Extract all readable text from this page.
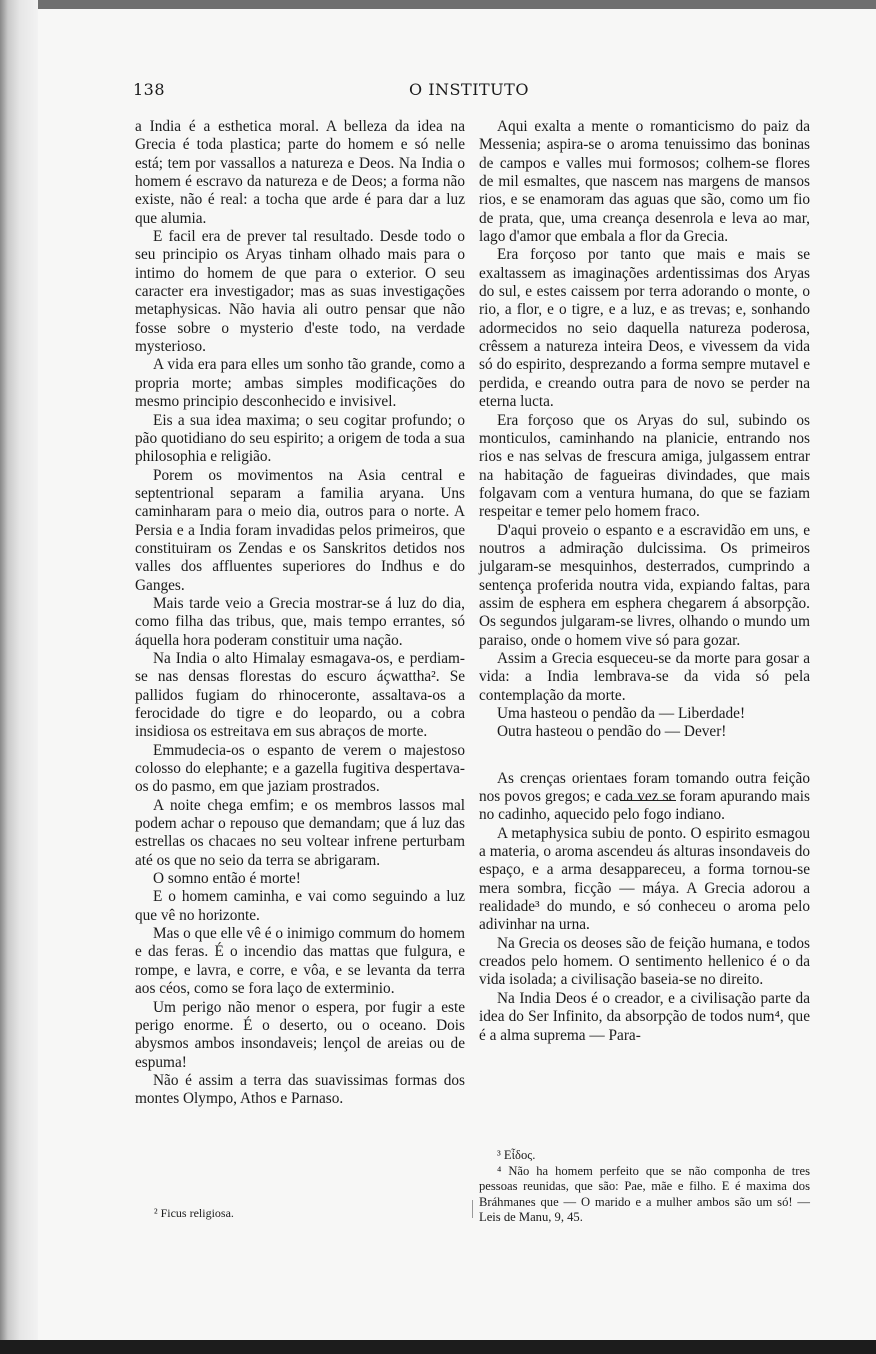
138	O INSTITUTO

a India é a esthetica moral. A belleza da idea na Grecia é toda plastica; parte do homem e só nelle está; tem por vassallos a natureza e Deos. Na India o homem é escravo da natureza e de Deos; a forma não existe, não é real: a tocha que arde é para dar a luz que alumia.

E facil era de prever tal resultado. Desde todo o seu principio os Aryas tinham olhado mais para o intimo do homem de que para o exterior. O seu caracter era investigador; mas as suas investigações metaphysicas. Não havia ali outro pensar que não fosse sobre o mysterio d'este todo, na verdade mysterioso.

A vida era para elles um sonho tão grande, como a propria morte; ambas simples modificações do mesmo principio desconhecido e invisivel.

Eis a sua idea maxima; o seu cogitar profundo; o pão quotidiano do seu espirito; a origem de toda a sua philosophia e religião.

Porem os movimentos na Asia central e septentrional separam a familia aryana. Uns caminharam para o meio dia, outros para o norte. A Persia e a India foram invadidas pelos primeiros, que constituiram os Zendas e os Sanskritos detidos nos valles dos affluentes superiores do Indhus e do Ganges.

Mais tarde veio a Grecia mostrar-se á luz do dia, como filha das tribus, que, mais tempo errantes, só áquella hora poderam constituir uma nação.

Na India o alto Himalay esmagava-os, e perdiam-se nas densas florestas do escuro áçwattha². Se pallidos fugiam do rhinoceronte, assaltava-os a ferocidade do tigre e do leopardo, ou a cobra insidiosa os estreitava em sus abraços de morte.

Emmudecia-os o espanto de verem o majestoso colosso do elephante; e a gazella fugitiva despertava-os do pasmo, em que jaziam prostrados.

A noite chega emfim; e os membros lassos mal podem achar o repouso que demandam; que á luz das estrellas os chacaes no seu voltear infrene perturbam até os que no seio da terra se abrigaram.

O somno então é morte!

E o homem caminha, e vai como seguindo a luz que vê no horizonte.

Mas o que elle vê é o inimigo commum do homem e das feras. É o incendio das mattas que fulgura, e rompe, e lavra, e corre, e vôa, e se levanta da terra aos céos, como se fora laço de exterminio.

Um perigo não menor o espera, por fugir a este perigo enorme. É o deserto, ou o oceano. Dois abysmos ambos insondaveis; lençol de areias ou de espuma!

Não é assim a terra das suavissimas formas dos montes Olympo, Athos e Parnaso.

Aqui exalta a mente o romanticismo do paiz da Messenia; aspira-se o aroma tenuissimo das boninas de campos e valles mui formosos; colhem-se flores de mil esmaltes, que nascem nas margens de mansos rios, e se enamoram das aguas que são, como um fio de prata, que, uma creança desenrola e leva ao mar, lago d'amor que embala a flor da Grecia.

Era forçoso por tanto que mais e mais se exaltassem as imaginações ardentissimas dos Aryas do sul, e estes caissem por terra adorando o monte, o rio, a flor, e o tigre, e a luz, e as trevas; e, sonhando adormecidos no seio daquella natureza poderosa, crêssem a natureza inteira Deos, e vivessem da vida só do espirito, desprezando a forma sempre mutavel e perdida, e creando outra para de novo se perder na eterna lucta.

Era forçoso que os Aryas do sul, subindo os monticulos, caminhando na planicie, entrando nos rios e nas selvas de frescura amiga, julgassem entrar na habitação de fagueiras divindades, que mais folgavam com a ventura humana, do que se faziam respeitar e temer pelo homem fraco.

D'aqui proveio o espanto e a escravidão em uns, e noutros a admiração dulcissima. Os primeiros julgaram-se mesquinhos, desterrados, cumprindo a sentença proferida noutra vida, expiando faltas, para assim de esphera em esphera chegarem á absorpção. Os segundos julgaram-se livres, olhando o mundo um paraiso, onde o homem vive só para gozar.

Assim a Grecia esqueceu-se da morte para gosar a vida: a India lembrava-se da vida só pela contemplação da morte.

Uma hasteou o pendão da — Liberdade!

Outra hasteou o pendão do — Dever!

As crenças orientaes foram tomando outra feição nos povos gregos; e cada vez se foram apurando mais no cadinho, aquecido pelo fogo indiano.

A metaphysica subiu de ponto. O espirito esmagou a materia, o aroma ascendeu ás alturas insondaveis do espaço, e a arma desappareceu, a forma tornou-se mera sombra, ficção — máya. A Grecia adorou a realidade³ do mundo, e só conheceu o aroma pelo adivinhar na urna.

Na Grecia os deoses são de feição humana, e todos creados pelo homem. O sentimento hellenico é o da vida isolada; a civilisação baseia-se no direito.

Na India Deos é o creador, e a civilisação parte da idea do Ser Infinito, da absorpção de todos num⁴, que é a alma suprema — Para-

² Ficus religiosa.

³ Eἶδος.

⁴ Não ha homem perfeito que se não componha de tres pessoas reunidas, que são: Pae, mãe e filho. E é maxima dos Bráhmanes que — O marido e a mulher ambos são um só! — Leis de Manu, 9, 45.
